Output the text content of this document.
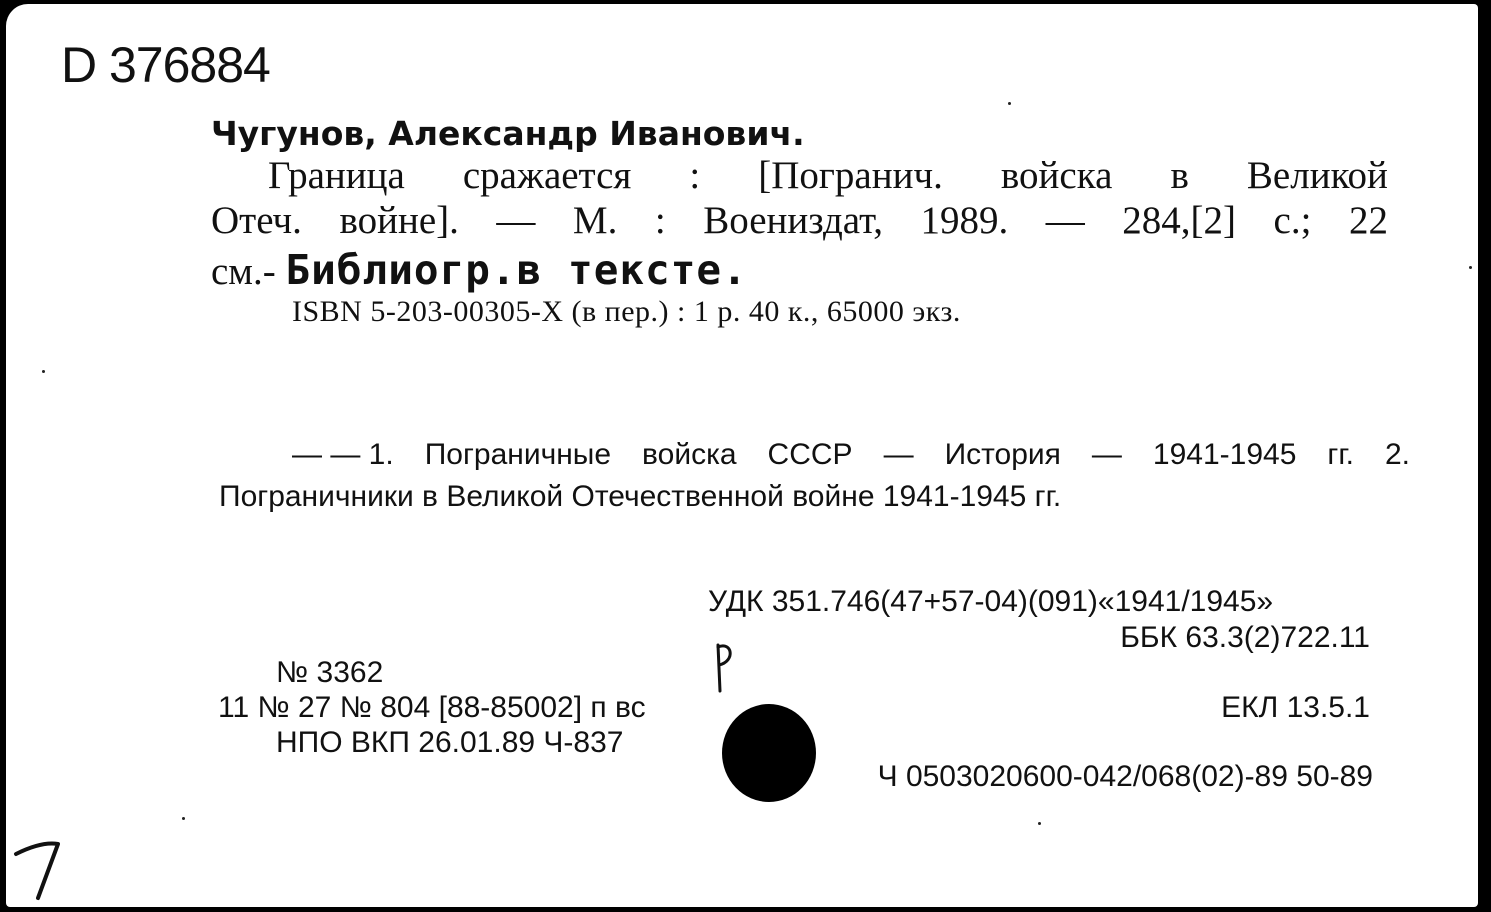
D 376884
Чугунов, Александр Иванович.
Граница сражается : [Погранич. войска в Великой
Отеч. войне]. — М. : Воениздат, 1989. — 284,[2] с.; 22
см.- Библиогр.в тексте.
ISBN 5-203-00305-Х (в пер.) : 1 р. 40 к., 65000 экз.
— — 1. Пограничные войска СССР — История — 1941-1945 гг. 2.
Пограничники в Великой Отечественной войне 1941-1945 гг.
УДК 351.746(47+57-04)(091)«1941/1945»
ББК 63.3(2)722.11
№ 3362
11 № 27 № 804 [88-85002] п вс	ЕКЛ 13.5.1
НПО ВКП 26.01.89 Ч-837
Ч 0503020600-042/068(02)-89 50-89
